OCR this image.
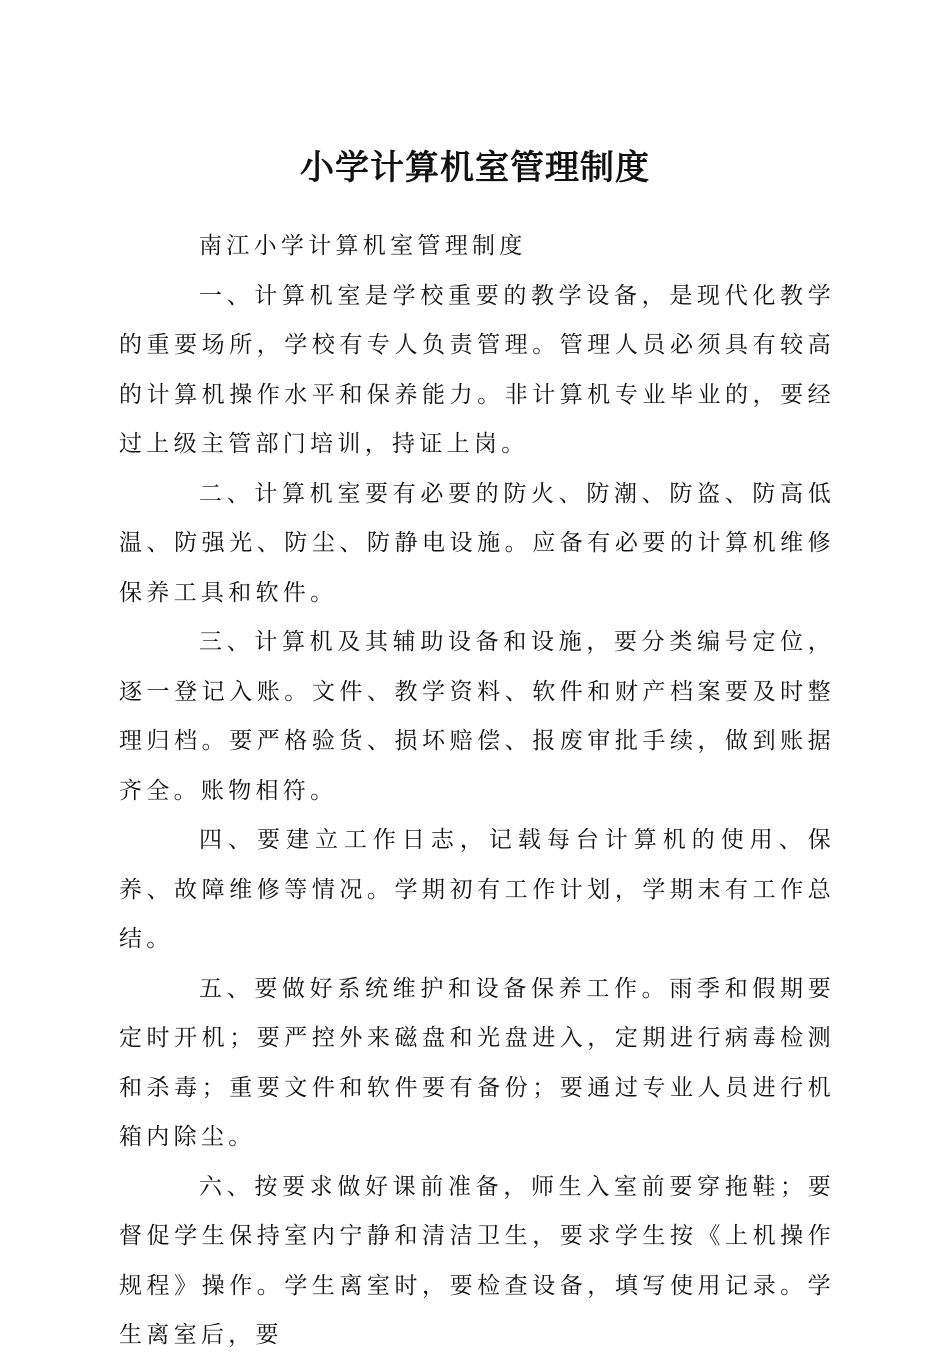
小学计算机室管理制度

南江小学计算机室管理制度

一、计算机室是学校重要的教学设备，是现代化教学的重要场所，学校有专人负责管理。管理人员必须具有较高的计算机操作水平和保养能力。非计算机专业毕业的，要经过上级主管部门培训，持证上岗。

二、计算机室要有必要的防火、防潮、防盗、防高低温、防强光、防尘、防静电设施。应备有必要的计算机维修保养工具和软件。

三、计算机及其辅助设备和设施，要分类编号定位，逐一登记入账。文件、教学资料、软件和财产档案要及时整理归档。要严格验货、损坏赔偿、报废审批手续，做到账据齐全。账物相符。

四、要建立工作日志，记载每台计算机的使用、保养、故障维修等情况。学期初有工作计划，学期末有工作总结。

五、要做好系统维护和设备保养工作。雨季和假期要定时开机；要严控外来磁盘和光盘进入，定期进行病毒检测和杀毒；重要文件和软件要有备份；要通过专业人员进行机箱内除尘。

六、按要求做好课前准备，师生入室前要穿拖鞋；要督促学生保持室内宁静和清洁卫生，要求学生按《上机操作规程》操作。学生离室时，要检查设备，填写使用记录。学生离室后，要
